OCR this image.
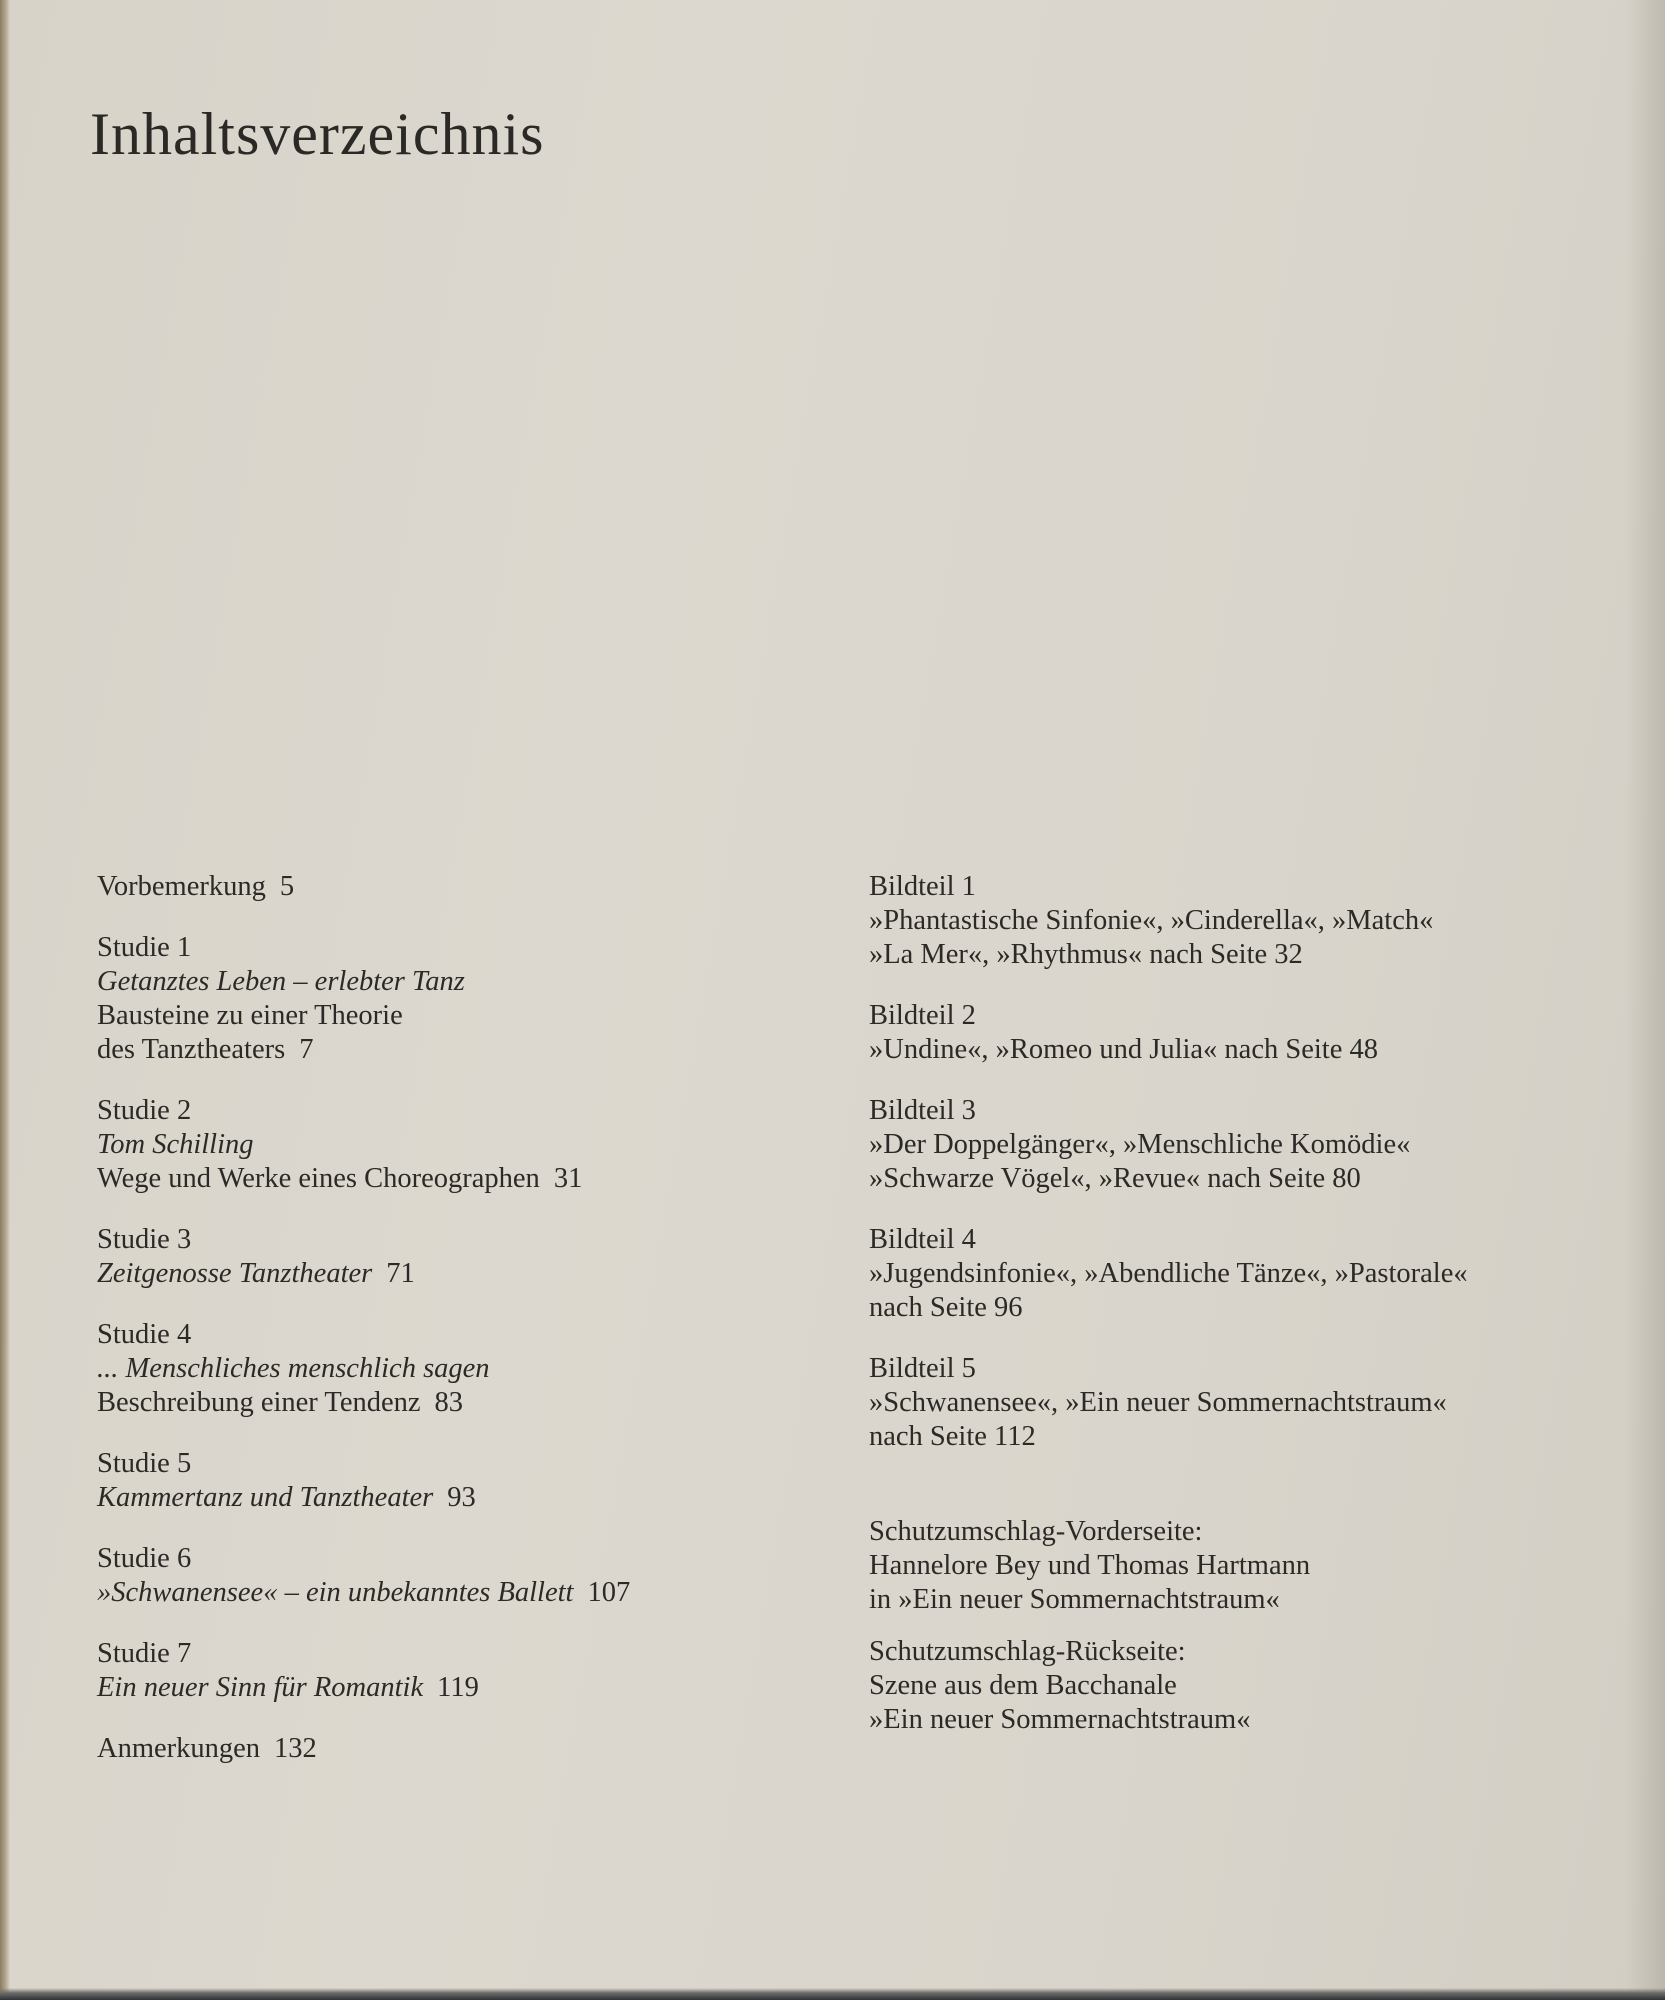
Inhaltsverzeichnis
Vorbemerkung 5
Studie 1
Getanztes Leben – erlebter Tanz
Bausteine zu einer Theorie
des Tanztheaters 7
Studie 2
Tom Schilling
Wege und Werke eines Choreographen 31
Studie 3
Zeitgenosse Tanztheater 71
Studie 4
... Menschliches menschlich sagen
Beschreibung einer Tendenz 83
Studie 5
Kammertanz und Tanztheater 93
Studie 6
»Schwanensee« – ein unbekanntes Ballett 107
Studie 7
Ein neuer Sinn für Romantik 119
Anmerkungen 132
Bildteil 1
»Phantastische Sinfonie«, »Cinderella«, »Match«
»La Mer«, »Rhythmus« nach Seite 32
Bildteil 2
»Undine«, »Romeo und Julia« nach Seite 48
Bildteil 3
»Der Doppelgänger«, »Menschliche Komödie«
»Schwarze Vögel«, »Revue« nach Seite 80
Bildteil 4
»Jugendsinfonie«, »Abendliche Tänze«, »Pastorale«
nach Seite 96
Bildteil 5
»Schwanensee«, »Ein neuer Sommernachtstraum«
nach Seite 112
Schutzumschlag-Vorderseite:
Hannelore Bey und Thomas Hartmann
in »Ein neuer Sommernachtstraum«
Schutzumschlag-Rückseite:
Szene aus dem Bacchanale
»Ein neuer Sommernachtstraum«
